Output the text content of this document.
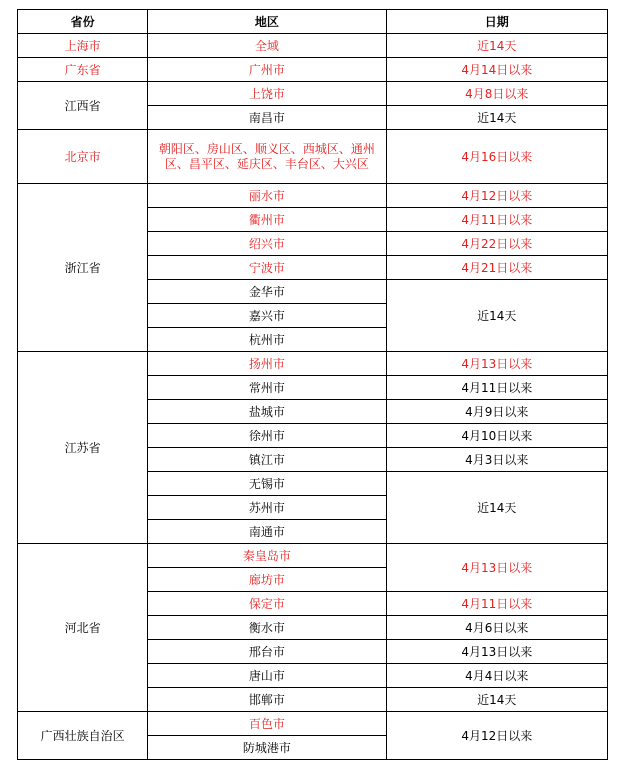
省份	地区	日期
上海市	全域	近14天
广东省	广州市	4月14日以来
江西省	上饶市	4月8日以来
	南昌市	近14天
北京市	朝阳区、房山区、顺义区、西城区、通州区、昌平区、延庆区、丰台区、大兴区	4月16日以来
浙江省	丽水市	4月12日以来
	衢州市	4月11日以来
	绍兴市	4月22日以来
	宁波市	4月21日以来
	金华市	近14天
	嘉兴市	
	杭州市	
江苏省	扬州市	4月13日以来
	常州市	4月11日以来
	盐城市	4月9日以来
	徐州市	4月10日以来
	镇江市	4月3日以来
	无锡市	近14天
	苏州市	
	南通市	
河北省	秦皇岛市	4月13日以来
	廊坊市	
	保定市	4月11日以来
	衡水市	4月6日以来
	邢台市	4月13日以来
	唐山市	4月4日以来
	邯郸市	近14天
广西壮族自治区	百色市	4月12日以来
	防城港市	
